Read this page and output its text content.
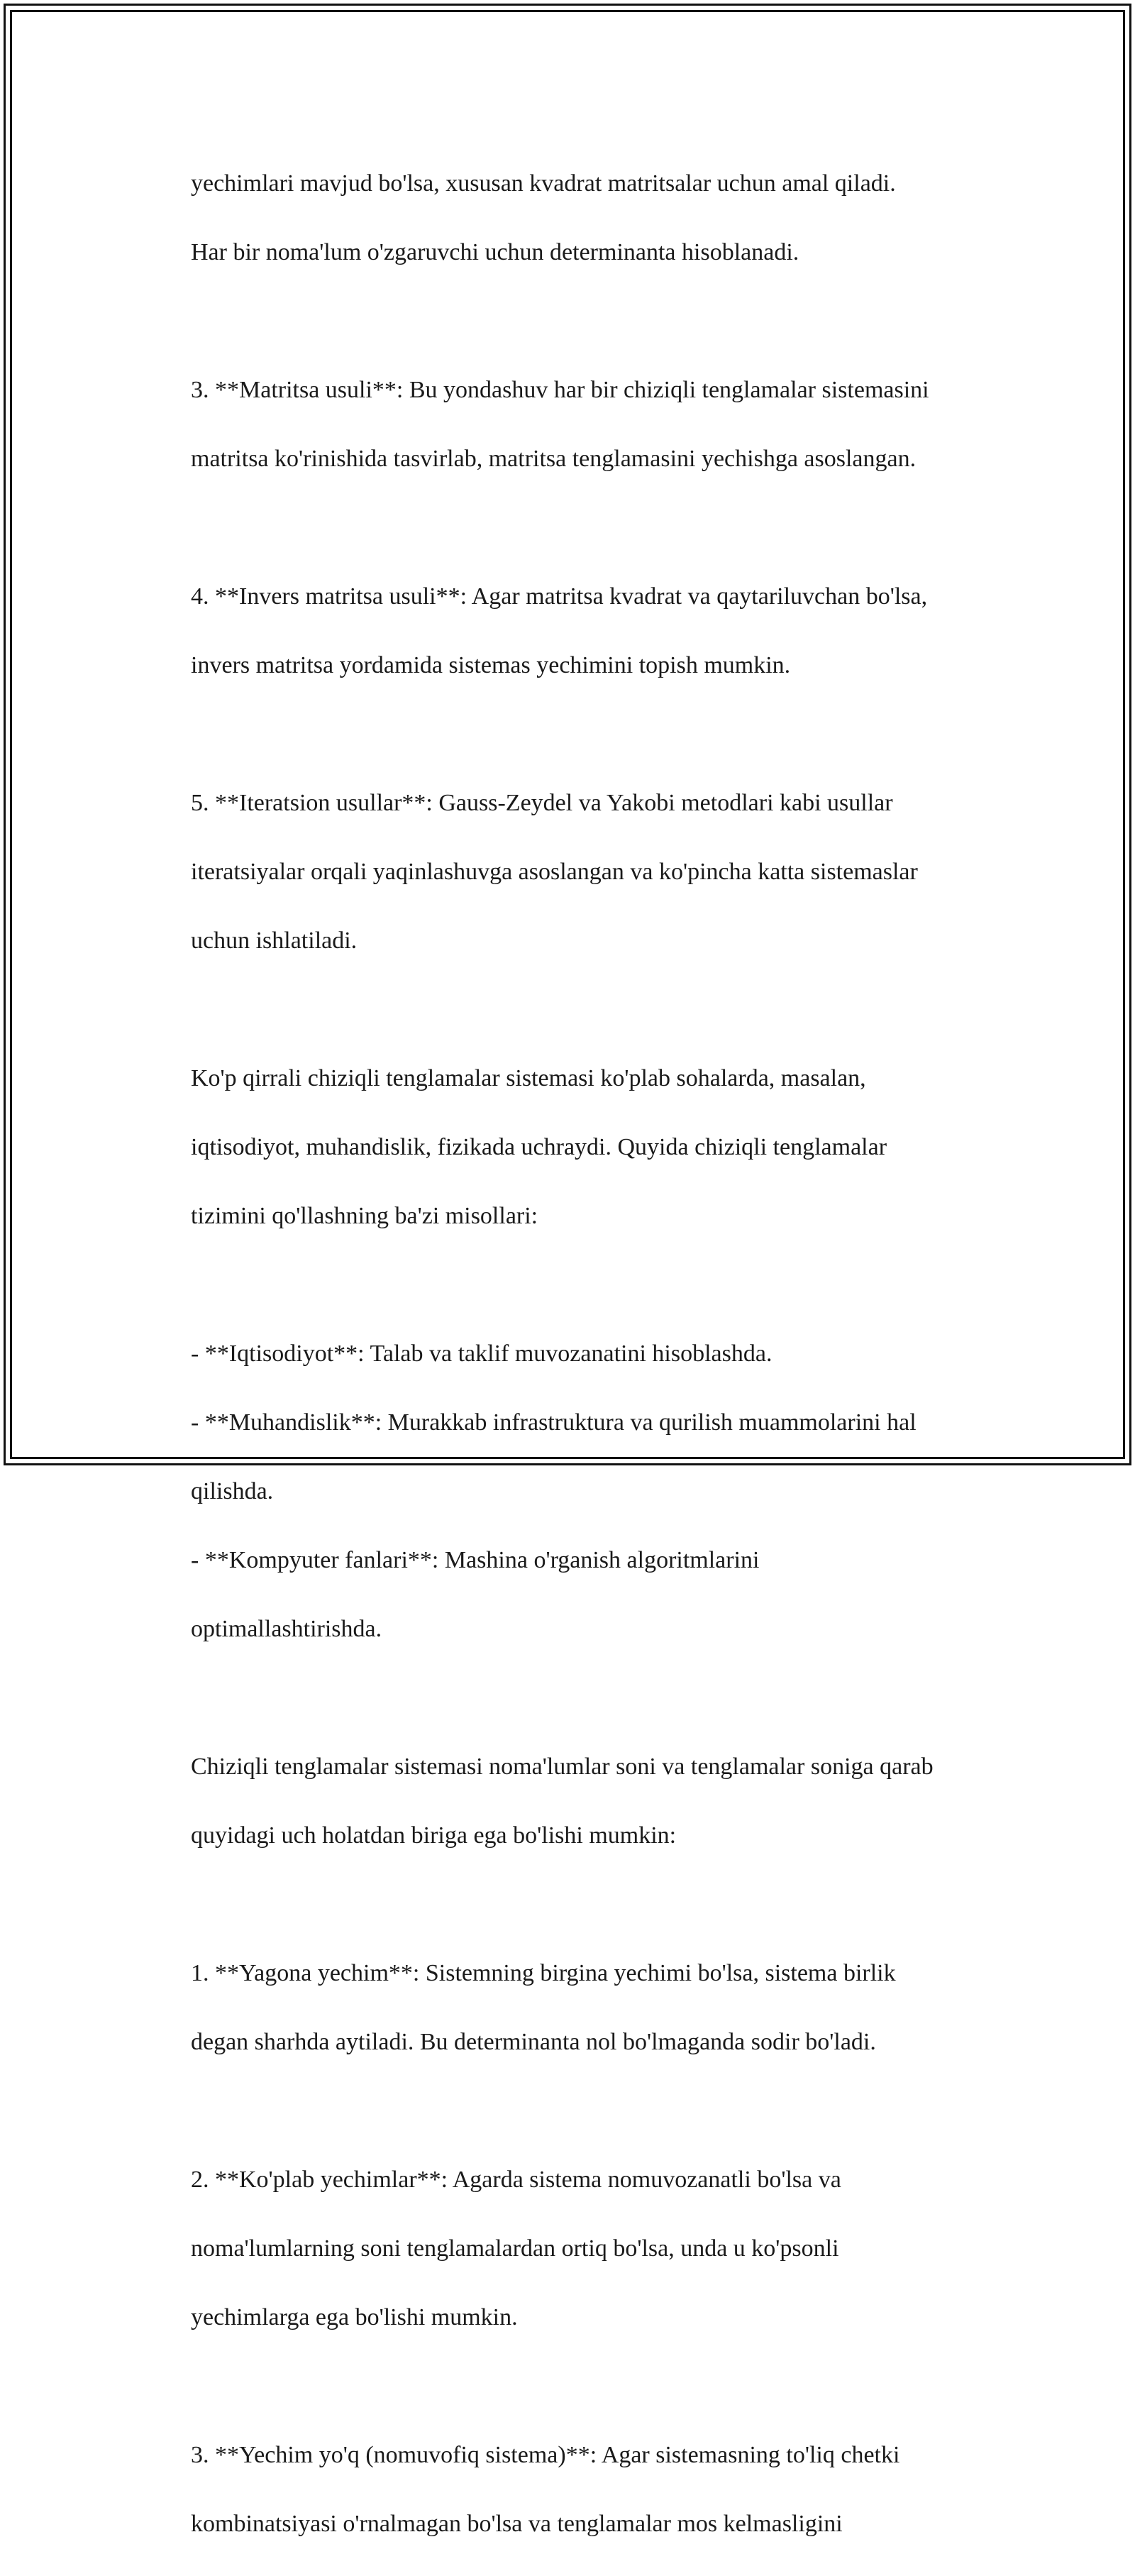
yechimlari mavjud bo'lsa, xususan kvadrat matritsalar uchun amal qiladi.

Har bir noma'lum o'zgaruvchi uchun determinanta hisoblanadi.

3. **Matritsa usuli**: Bu yondashuv har bir chiziqli tenglamalar sistemasini

matritsa ko'rinishida tasvirlab, matritsa tenglamasini yechishga asoslangan.

4. **Invers matritsa usuli**: Agar matritsa kvadrat va qaytariluvchan bo'lsa,

invers matritsa yordamida sistemas yechimini topish mumkin.

5. **Iteratsion usullar**: Gauss-Zeydel va Yakobi metodlari kabi usullar

iteratsiyalar orqali yaqinlashuvga asoslangan va ko'pincha katta sistemaslar

uchun ishlatiladi.

Ko'p qirrali chiziqli tenglamalar sistemasi ko'plab sohalarda, masalan,

iqtisodiyot, muhandislik, fizikada uchraydi. Quyida chiziqli tenglamalar

tizimini qo'llashning ba'zi misollari:

- **Iqtisodiyot**: Talab va taklif muvozanatini hisoblashda.

- **Muhandislik**: Murakkab infrastruktura va qurilish muammolarini hal

qilishda.

- **Kompyuter fanlari**: Mashina o'rganish algoritmlarini

optimallashtirishda.

Chiziqli tenglamalar sistemasi noma'lumlar soni va tenglamalar soniga qarab

quyidagi uch holatdan biriga ega bo'lishi mumkin:

1. **Yagona yechim**: Sistemning birgina yechimi bo'lsa, sistema birlik

degan sharhda aytiladi. Bu determinanta nol bo'lmaganda sodir bo'ladi.

2. **Ko'plab yechimlar**: Agarda sistema nomuvozanatli bo'lsa va

noma'lumlarning soni tenglamalardan ortiq bo'lsa, unda u ko'psonli

yechimlarga ega bo'lishi mumkin.

3. **Yechim yo'q (nomuvofiq sistema)**: Agar sistemasning to'liq chetki

kombinatsiyasi o'rnalmagan bo'lsa va tenglamalar mos kelmasligini
